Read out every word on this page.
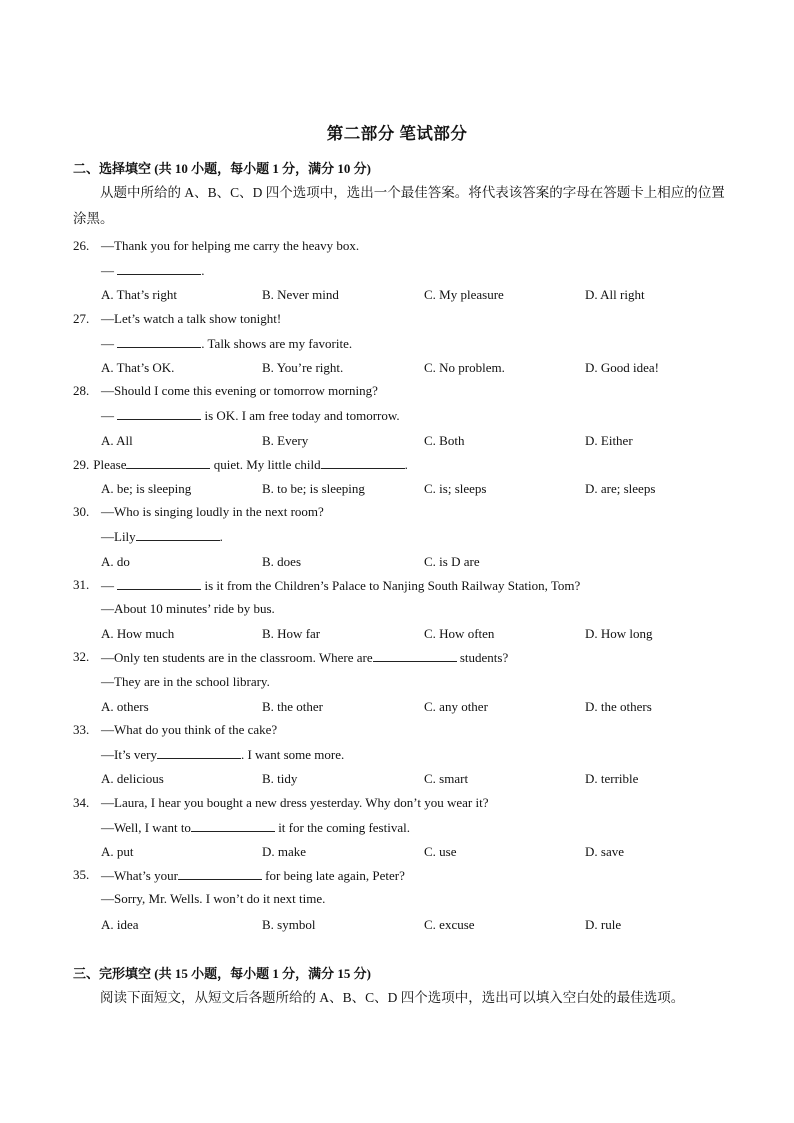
第二部分 笔试部分
二、选择填空 (共 10 小题，每小题 1 分，满分 10 分)
从题中所给的 A、B、C、D 四个选项中，选出一个最佳答案。将代表该答案的字母在答题卡上相应的位置涂黑。
26. —Thank you for helping me carry the heavy box.
—	.
A. That’s right	B. Never mind	C. My pleasure	D. All right
27. —Let’s watch a talk show tonight!
—	. Talk shows are my favorite.
A. That’s OK.	B. You’re right.	C. No problem.	D. Good idea!
28. —Should I come this evening or tomorrow morning?
—	is OK. I am free today and tomorrow.
A. All	B. Every	C. Both	D. Either
29. Please	quiet. My little child	.
A. be; is sleeping	B. to be; is sleeping	C. is; sleeps	D. are; sleeps
30. —Who is singing loudly in the next room?
—Lily	.
A. do	B. does	C. is D are
31. —	is it from the Children’s Palace to Nanjing South Railway Station, Tom?
—About 10 minutes’ ride by bus.
A. How much	B. How far	C. How often	D. How long
32. —Only ten students are in the classroom. Where are	students?
—They are in the school library.
A. others	B. the other	C. any other	D. the others
33. —What do you think of the cake?
—It’s very	. I want some more.
A. delicious	B. tidy	C. smart	D. terrible
34. —Laura, I hear you bought a new dress yesterday. Why don’t you wear it?
—Well, I want to	it for the coming festival.
A. put	D. make	C. use	D. save
35. —What’s your	for being late again, Peter?
—Sorry, Mr. Wells. I won’t do it next time.
A. idea	B. symbol	C. excuse	D. rule
三、完形填空 (共 15 小题，每小题 1 分，满分 15 分)
阅读下面短文，从短文后各题所给的 A、B、C、D 四个选项中，选出可以填入空白处的最佳选项。
